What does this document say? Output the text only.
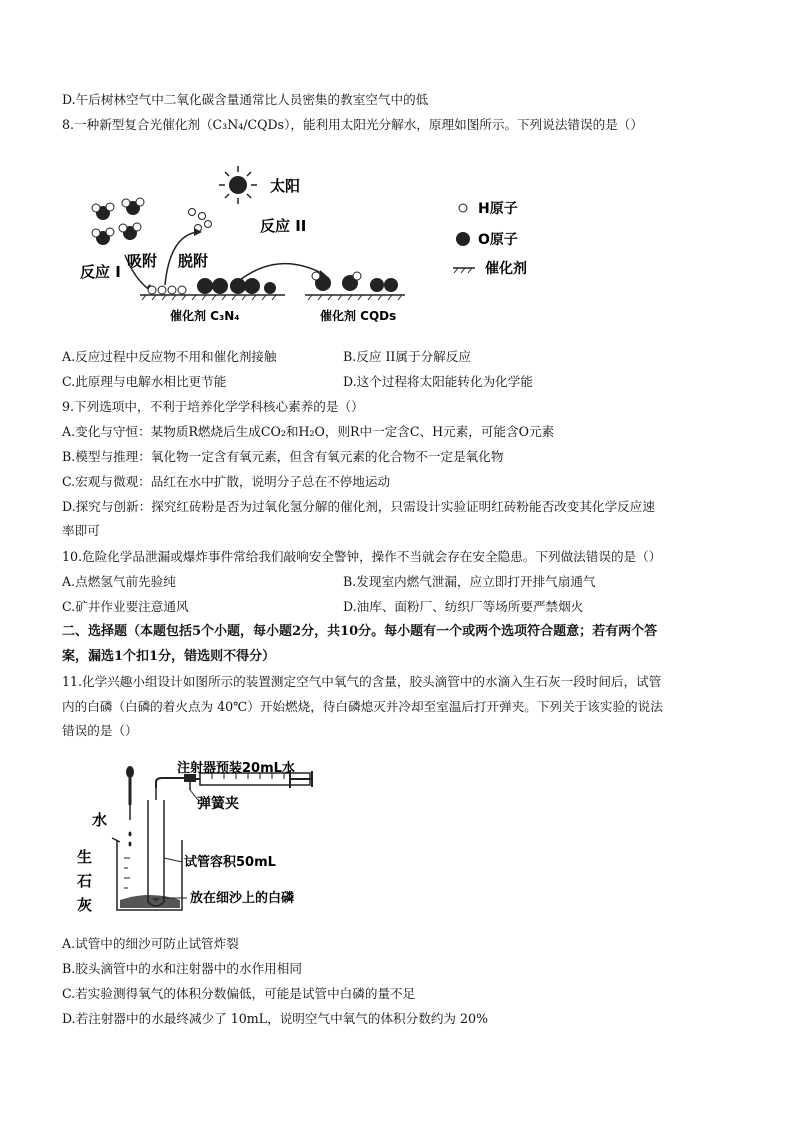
D.午后树林空气中二氧化碳含量通常比人员密集的教室空气中的低
8.一种新型复合光催化剂（C₃N₄/CQDs），能利用太阳光分解水，原理如图所示。下列说法错误的是（）
太阳
反应 I
吸附 脱附
反应 II
催化剂 C₃N₄	催化剂 CQDs
H原子
O原子
催化剂
A.反应过程中反应物不用和催化剂接触	B.反应 II属于分解反应
C.此原理与电解水相比更节能	D.这个过程将太阳能转化为化学能
9.下列选项中，不利于培养化学学科核心素养的是（）
A.变化与守恒：某物质R燃烧后生成CO₂和H₂O，则R中一定含C、H元素，可能含O元素
B.模型与推理：氧化物一定含有氧元素，但含有氧元素的化合物不一定是氧化物
C.宏观与微观：品红在水中扩散，说明分子总在不停地运动
D.探究与创新：探究红砖粉是否为过氧化氢分解的催化剂，只需设计实验证明红砖粉能否改变其化学反应速
率即可
10.危险化学品泄漏或爆炸事件常给我们敲响安全警钟，操作不当就会存在安全隐患。下列做法错误的是（）
A.点燃氢气前先验纯	B.发现室内燃气泄漏，应立即打开排气扇通气
C.矿井作业要注意通风	D.油库、面粉厂、纺织厂等场所要严禁烟火
二、选择题（本题包括5个小题，每小题2分，共10分。每小题有一个或两个选项符合题意；若有两个答
案，漏选1个扣1分，错选则不得分）
11.化学兴趣小组设计如图所示的装置测定空气中氧气的含量，胶头滴管中的水滴入生石灰一段时间后，试管
内的白磷（白磷的着火点为 40℃）开始燃烧，待白磷熄灭并冷却至室温后打开弹夹。下列关于该实验的说法
错误的是（）
水
生
石
灰
注射器预装20mL水
弹簧夹
试管容积50mL
放在细沙上的白磷
A.试管中的细沙可防止试管炸裂
B.胶头滴管中的水和注射器中的水作用相同
C.若实验测得氧气的体积分数偏低，可能是试管中白磷的量不足
D.若注射器中的水最终减少了 10mL，说明空气中氧气的体积分数约为 20%
